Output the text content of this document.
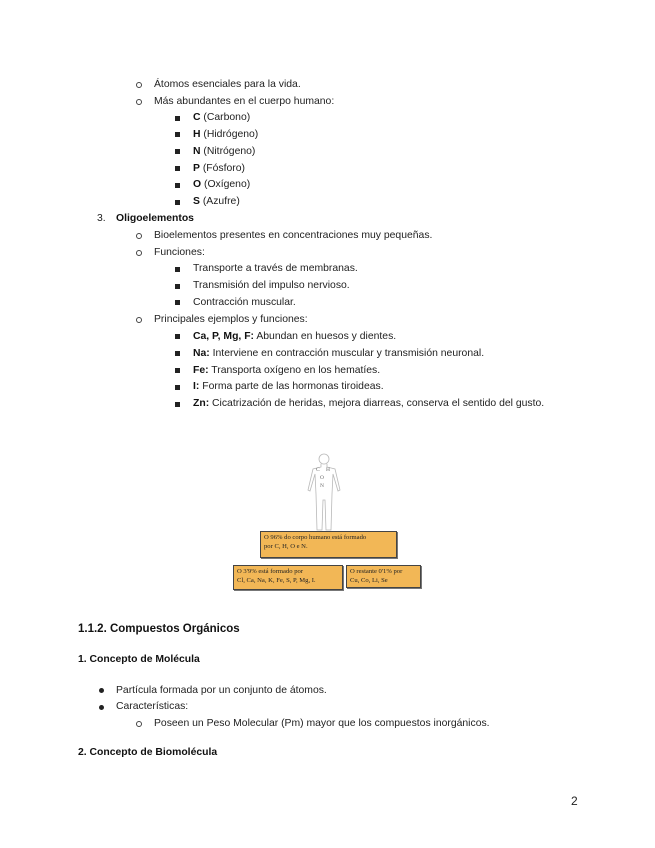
Átomos esenciales para la vida.
Más abundantes en el cuerpo humano:
C (Carbono)
H (Hidrógeno)
N (Nitrógeno)
P (Fósforo)
O (Oxígeno)
S (Azufre)
3. Oligoelementos
Bioelementos presentes en concentraciones muy pequeñas.
Funciones:
Transporte a través de membranas.
Transmisión del impulso nervioso.
Contracción muscular.
Principales ejemplos y funciones:
Ca, P, Mg, F: Abundan en huesos y dientes.
Na: Interviene en contracción muscular y transmisión neuronal.
Fe: Transporta oxígeno en los hematíes.
I: Forma parte de las hormonas tiroideas.
Zn: Cicatrización de heridas, mejora diarreas, conserva el sentido del gusto.
C H
O
N
O 96% do corpo humano está formado
por C, H, O e N.
O 3'9% está formado por
Cl, Ca, Na, K, Fe, S, P, Mg, I.
O restante 0'1% por
Cu, Co, Li, Se
1.1.2. Compuestos Orgánicos
1. Concepto de Molécula
Partícula formada por un conjunto de átomos.
Características:
Poseen un Peso Molecular (Pm) mayor que los compuestos inorgánicos.
2. Concepto de Biomolécula
2
